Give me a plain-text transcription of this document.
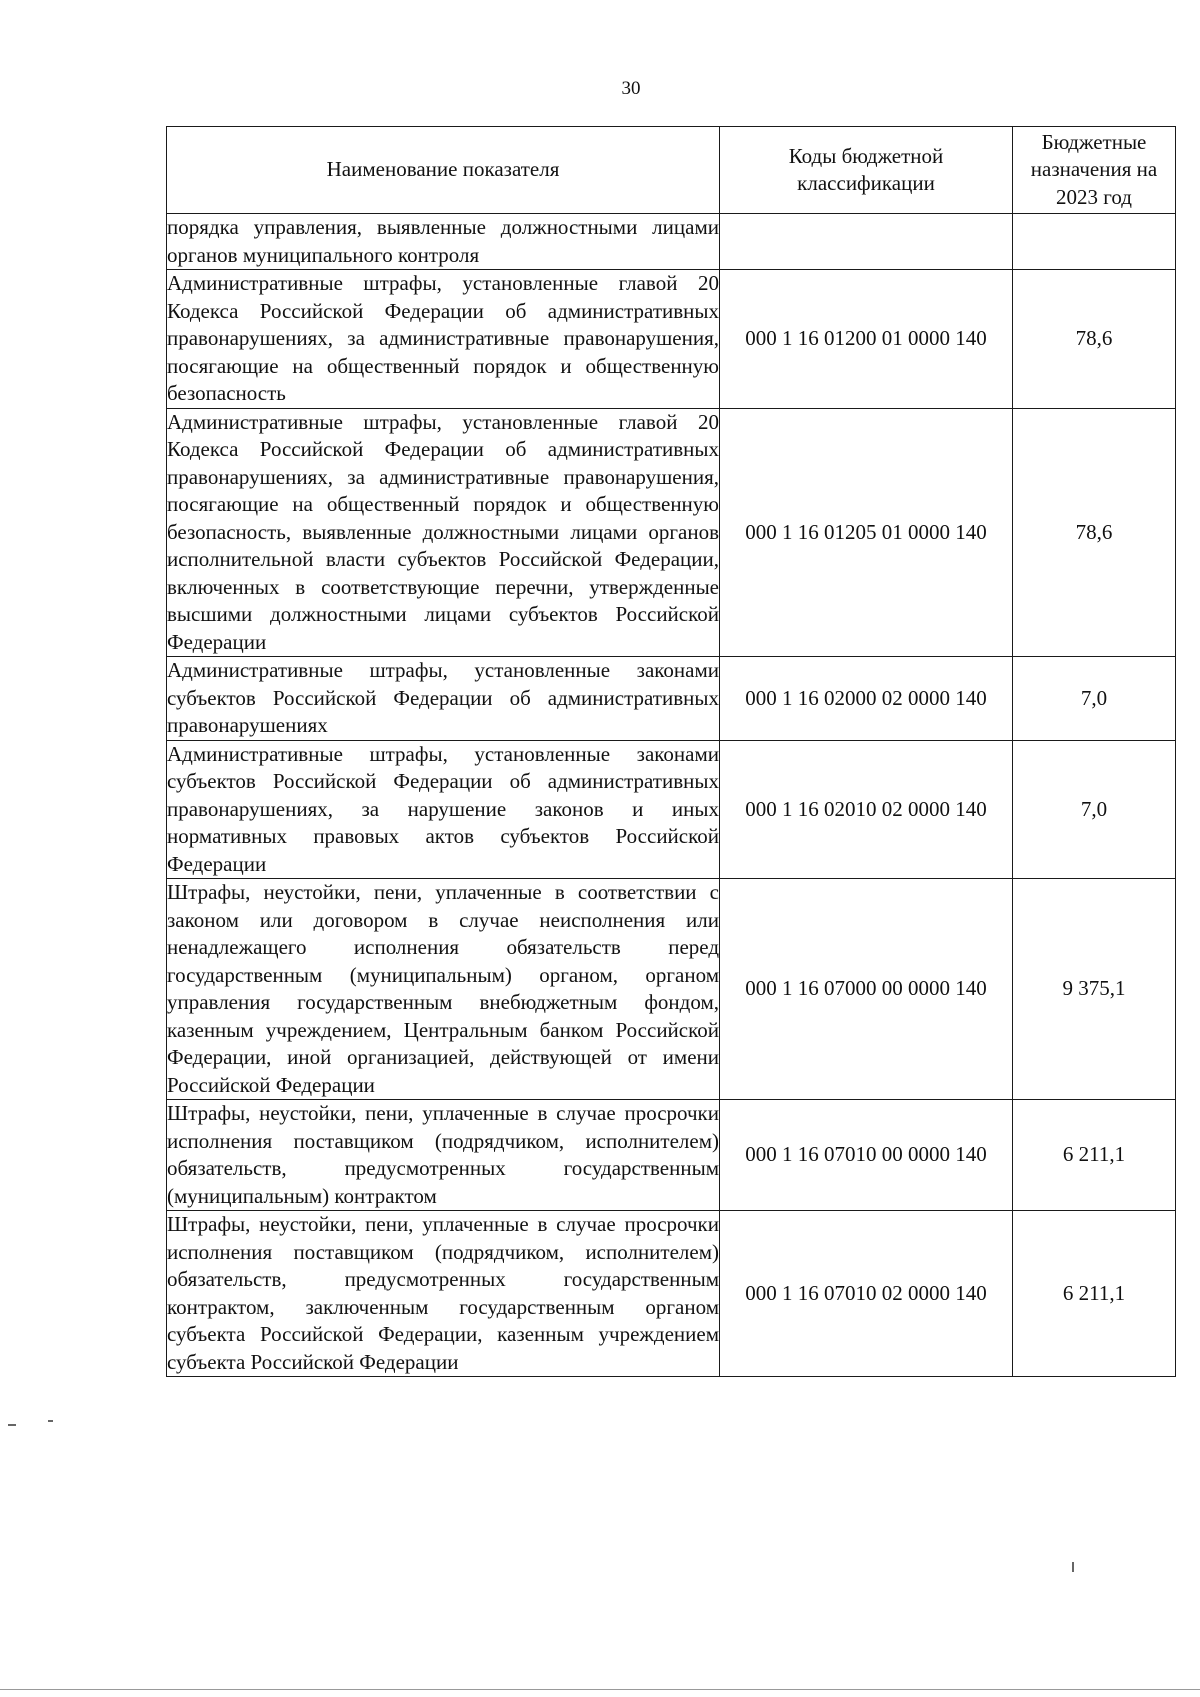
30
Наименование показателя	Коды бюджетной классификации	Бюджетные назначения на 2023 год
порядка управления, выявленные должностными лицами органов муниципального контроля		
Административные штрафы, установленные главой 20 Кодекса Российской Федерации об административных правонарушениях, за административные правонарушения, посягающие на общественный порядок и общественную безопасность	000 1 16 01200 01 0000 140	78,6
Административные штрафы, установленные главой 20 Кодекса Российской Федерации об административных правонарушениях, за административные правонарушения, посягающие на общественный порядок и общественную безопасность, выявленные должностными лицами органов исполнительной власти субъектов Российской Федерации, включенных в соответствующие перечни, утвержденные высшими должностными лицами субъектов Российской Федерации	000 1 16 01205 01 0000 140	78,6
Административные штрафы, установленные законами субъектов Российской Федерации об административных правонарушениях	000 1 16 02000 02 0000 140	7,0
Административные штрафы, установленные законами субъектов Российской Федерации об административных правонарушениях, за нарушение законов и иных нормативных правовых актов субъектов Российской Федерации	000 1 16 02010 02 0000 140	7,0
Штрафы, неустойки, пени, уплаченные в соответствии с законом или договором в случае неисполнения или ненадлежащего исполнения обязательств перед государственным (муниципальным) органом, органом управления государственным внебюджетным фондом, казенным учреждением, Центральным банком Российской Федерации, иной организацией, действующей от имени Российской Федерации	000 1 16 07000 00 0000 140	9 375,1
Штрафы, неустойки, пени, уплаченные в случае просрочки исполнения поставщиком (подрядчиком, исполнителем) обязательств, предусмотренных государственным (муниципальным) контрактом	000 1 16 07010 00 0000 140	6 211,1
Штрафы, неустойки, пени, уплаченные в случае просрочки исполнения поставщиком (подрядчиком, исполнителем) обязательств, предусмотренных государственным контрактом, заключенным государственным органом субъекта Российской Федерации, казенным учреждением субъекта Российской Федерации	000 1 16 07010 02 0000 140	6 211,1
